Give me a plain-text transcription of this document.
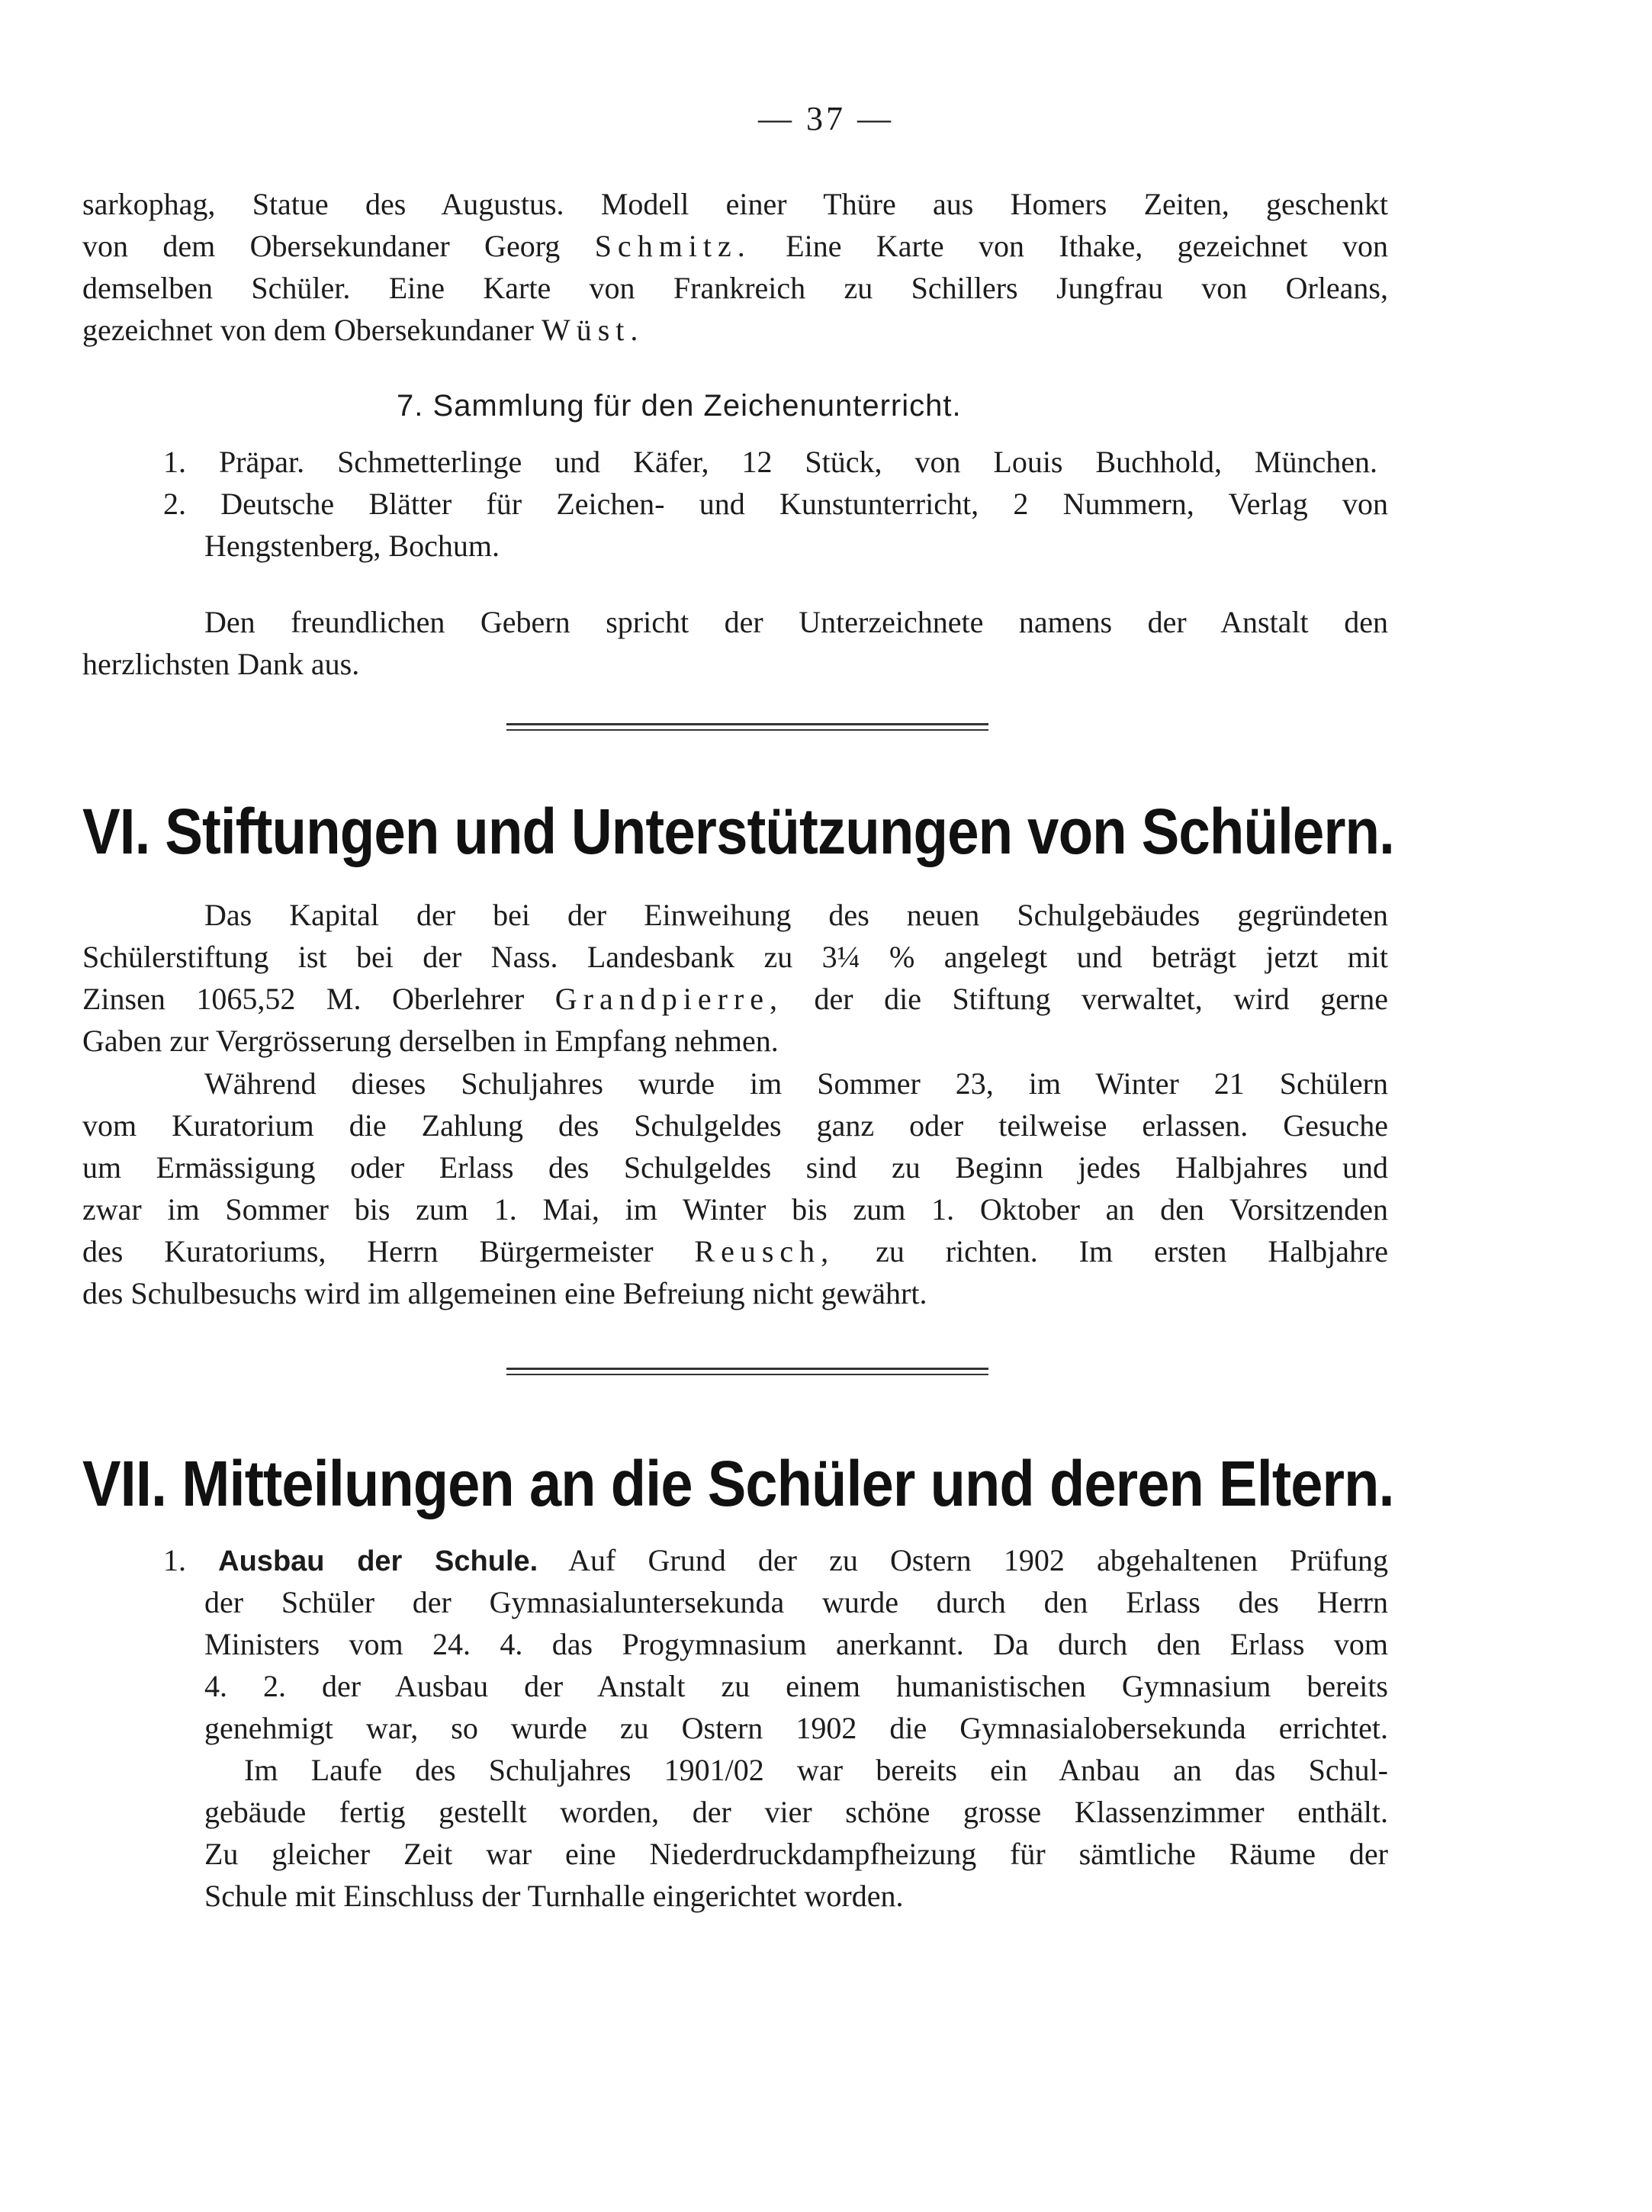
— 37 —
sarkophag, Statue des Augustus. Modell einer Thüre aus Homers Zeiten, geschenkt
von dem Obersekundaner Georg Schmitz. Eine Karte von Ithake, gezeichnet von
demselben Schüler. Eine Karte von Frankreich zu Schillers Jungfrau von Orleans,
gezeichnet von dem Obersekundaner Wüst.
7. Sammlung für den Zeichenunterricht.
1. Präpar. Schmetterlinge und Käfer, 12 Stück, von Louis Buchhold, München.
2. Deutsche Blätter für Zeichen- und Kunstunterricht, 2 Nummern, Verlag von
Hengstenberg, Bochum.
Den freundlichen Gebern spricht der Unterzeichnete namens der Anstalt den
herzlichsten Dank aus.
VI. Stiftungen und Unterstützungen von Schülern.
Das Kapital der bei der Einweihung des neuen Schulgebäudes gegründeten
Schülerstiftung ist bei der Nass. Landesbank zu 3¼ % angelegt und beträgt jetzt mit
Zinsen 1065,52 M. Oberlehrer Grandpierre, der die Stiftung verwaltet, wird gerne
Gaben zur Vergrösserung derselben in Empfang nehmen.
Während dieses Schuljahres wurde im Sommer 23, im Winter 21 Schülern
vom Kuratorium die Zahlung des Schulgeldes ganz oder teilweise erlassen. Gesuche
um Ermässigung oder Erlass des Schulgeldes sind zu Beginn jedes Halbjahres und
zwar im Sommer bis zum 1. Mai, im Winter bis zum 1. Oktober an den Vorsitzenden
des Kuratoriums, Herrn Bürgermeister Reusch, zu richten. Im ersten Halbjahre
des Schulbesuchs wird im allgemeinen eine Befreiung nicht gewährt.
VII. Mitteilungen an die Schüler und deren Eltern.
1. Ausbau der Schule. Auf Grund der zu Ostern 1902 abgehaltenen Prüfung
der Schüler der Gymnasialuntersekunda wurde durch den Erlass des Herrn
Ministers vom 24. 4. das Progymnasium anerkannt. Da durch den Erlass vom
4. 2. der Ausbau der Anstalt zu einem humanistischen Gymnasium bereits
genehmigt war, so wurde zu Ostern 1902 die Gymnasialobersekunda errichtet.
Im Laufe des Schuljahres 1901/02 war bereits ein Anbau an das Schul-
gebäude fertig gestellt worden, der vier schöne grosse Klassenzimmer enthält.
Zu gleicher Zeit war eine Niederdruckdampfheizung für sämtliche Räume der
Schule mit Einschluss der Turnhalle eingerichtet worden.
